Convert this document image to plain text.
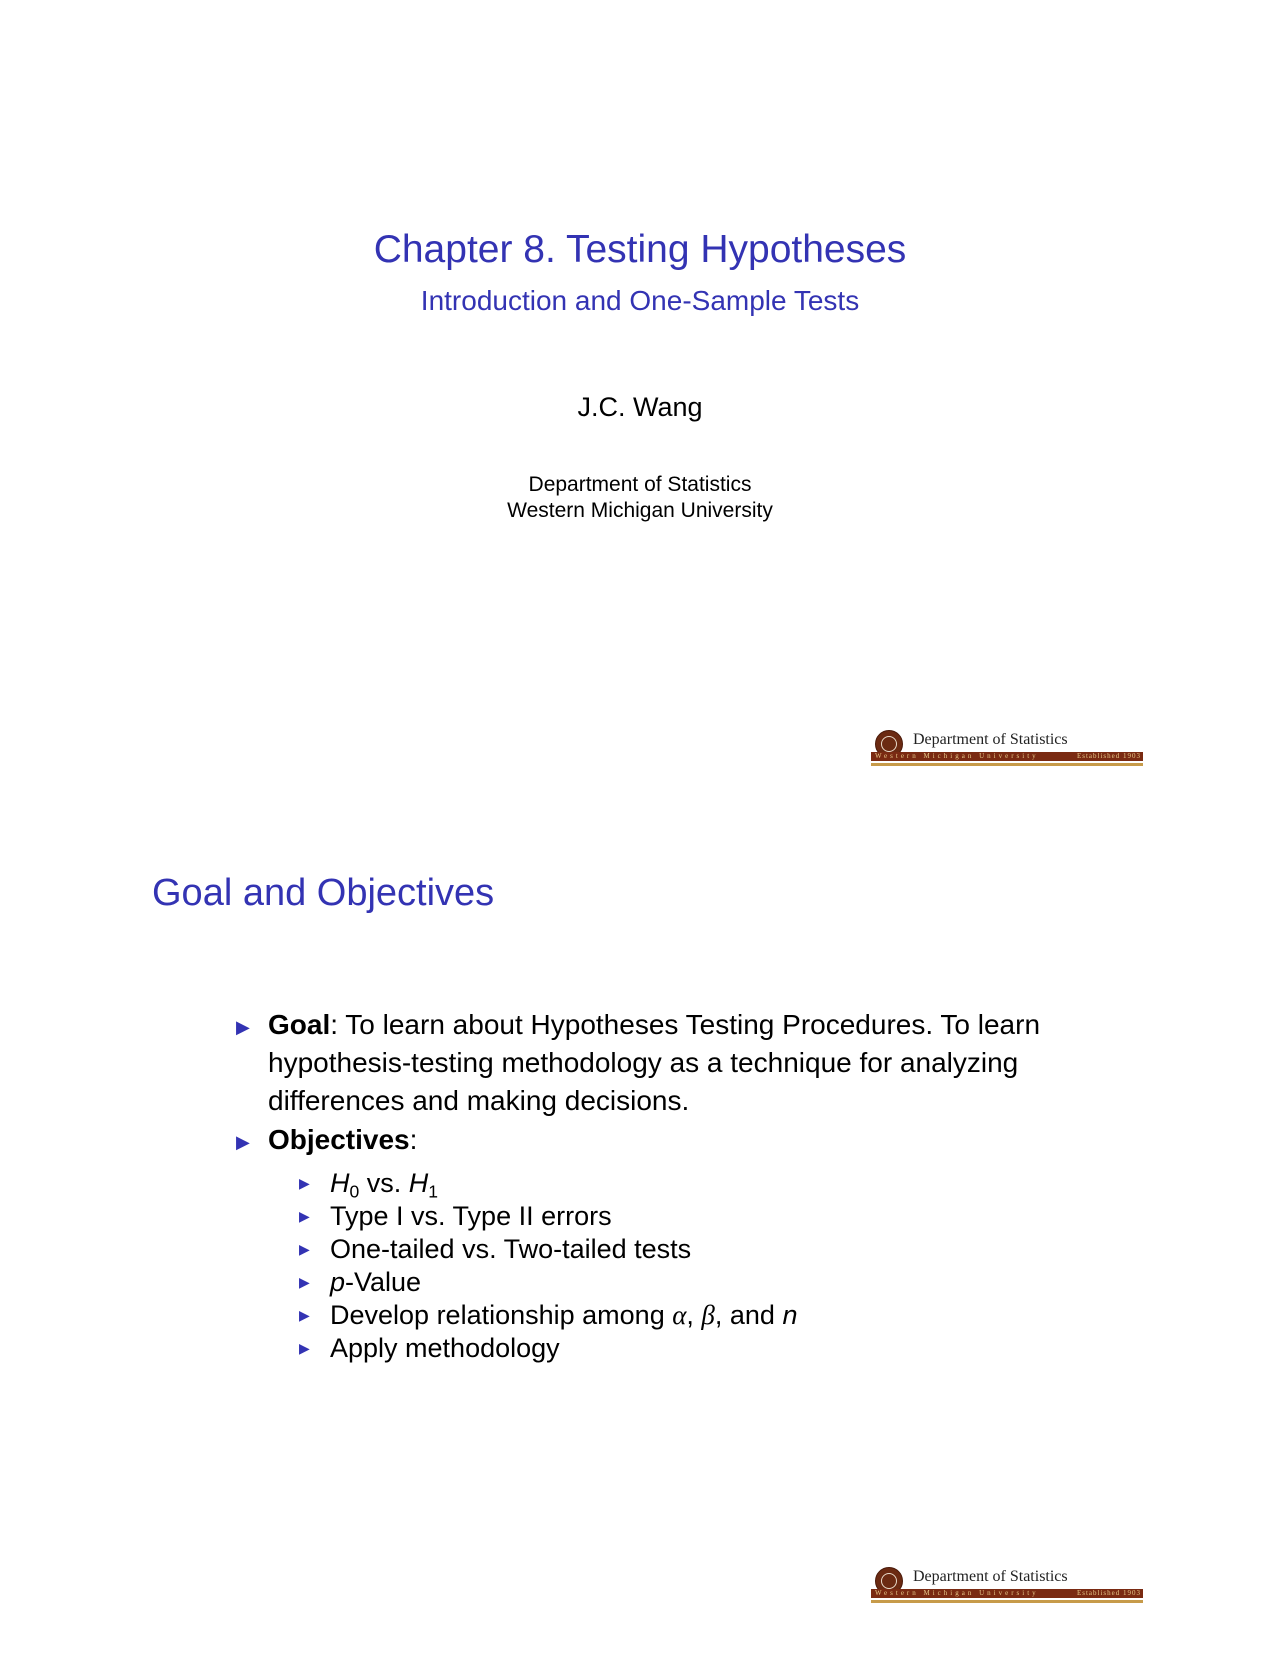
Chapter 8. Testing Hypotheses
Introduction and One-Sample Tests
J.C. Wang
Department of Statistics
Western Michigan University
Department of Statistics
Western Michigan University	Established 1903
Goal and Objectives
▶ Goal: To learn about Hypotheses Testing Procedures. To learn hypothesis-testing methodology as a technique for analyzing differences and making decisions.
▶ Objectives:
▶ $H_0$ vs. $H_1$
▶ Type I vs. Type II errors
▶ One-tailed vs. Two-tailed tests
▶ p-Value
▶ Develop relationship among α, β, and n
▶ Apply methodology
Department of Statistics
Western Michigan University	Established 1903
